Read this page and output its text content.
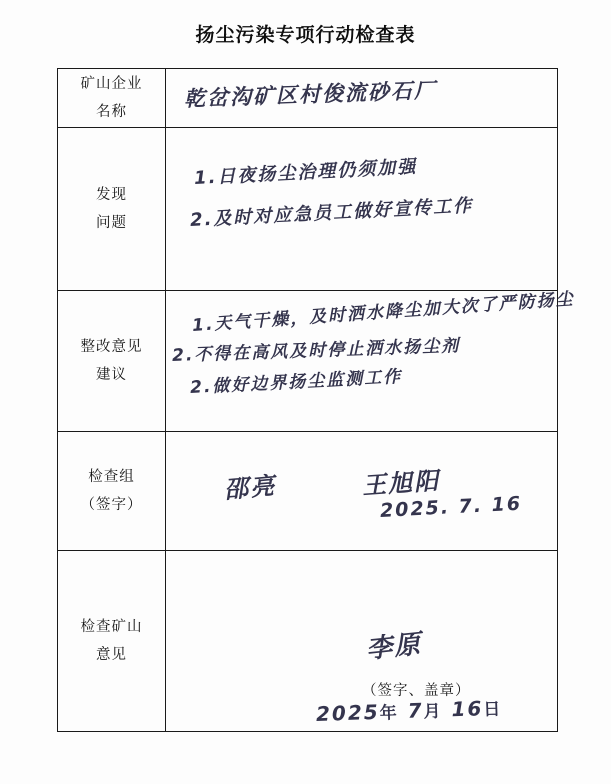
扬尘污染专项行动检查表
矿山企业
名称	乾岔沟矿区村俊流砂石厂

发现
问题	1.日夜扬尘治理仍须加强
2.及时对应急员工做好宣传工作

整改意见
建议	1.天气干燥，及时洒水降尘加大次了严防扬尘
2.不得在高风及时停止洒水扬尘剂
2.做好边界扬尘监测工作

检查组
（签字）	邵亮 王旭阳
2025. 7. 16

检查矿山
意见	李原
（签字、盖章）
2025年 7月 16日
